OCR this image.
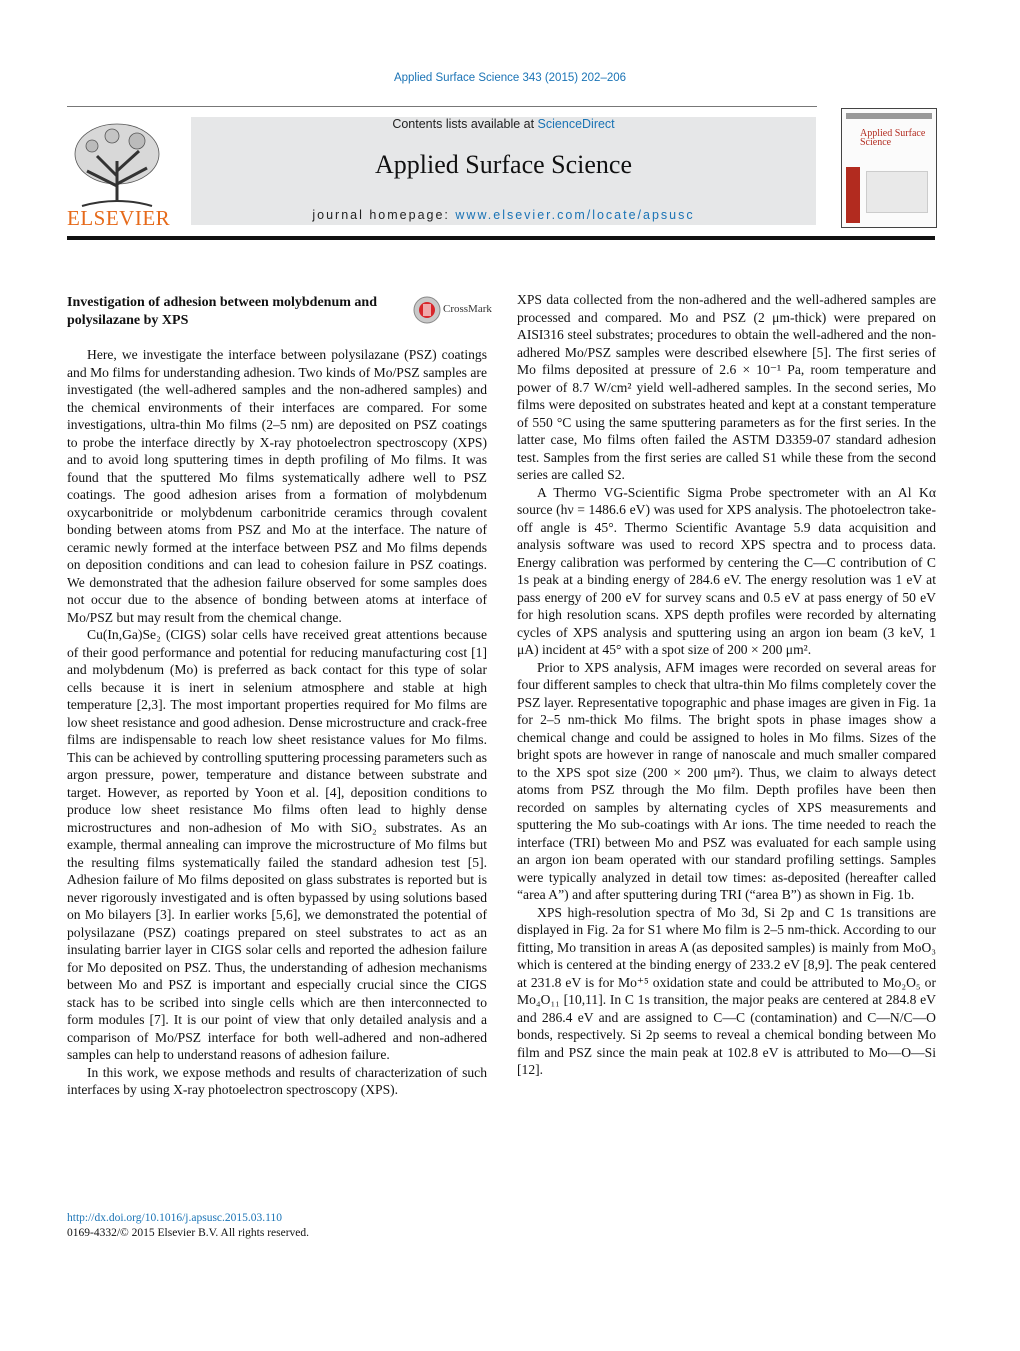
Applied Surface Science 343 (2015) 202–206
ELSEVIER
Contents lists available at ScienceDirect
Applied Surface Science
journal homepage: www.elsevier.com/locate/apsusc
Applied Surface Science
Investigation of adhesion between molybdenum and polysilazane by XPS
CrossMark

Here, we investigate the interface between polysilazane (PSZ) coatings and Mo films for understanding adhesion. Two kinds of Mo/PSZ samples are investigated (the well-adhered samples and the non-adhered samples) and the chemical environments of their interfaces are compared. For some investigations, ultra-thin Mo films (2–5 nm) are deposited on PSZ coatings to probe the interface directly by X-ray photoelectron spectroscopy (XPS) and to avoid long sputtering times in depth profiling of Mo films. It was found that the sputtered Mo films systematically adhere well to PSZ coatings. The good adhesion arises from a formation of molybdenum oxycarbonitride or molybdenum carbonitride ceramics through covalent bonding between atoms from PSZ and Mo at the interface. The nature of ceramic newly formed at the interface between PSZ and Mo films depends on deposition conditions and can lead to cohesion failure in PSZ coatings. We demonstrated that the adhesion failure observed for some samples does not occur due to the absence of bonding between atoms at interface of Mo/PSZ but may result from the chemical change.

Cu(In,Ga)Se₂ (CIGS) solar cells have received great attentions because of their good performance and potential for reducing manufacturing cost [1] and molybdenum (Mo) is preferred as back contact for this type of solar cells because it is inert in selenium atmosphere and stable at high temperature [2,3]. The most important properties required for Mo films are low sheet resistance and good adhesion. Dense microstructure and crack-free films are indispensable to reach low sheet resistance values for Mo films. This can be achieved by controlling sputtering processing parameters such as argon pressure, power, temperature and distance between substrate and target. However, as reported by Yoon et al. [4], deposition conditions to produce low sheet resistance Mo films often lead to highly dense microstructures and non-adhesion of Mo with SiO₂ substrates. As an example, thermal annealing can improve the microstructure of Mo films but the resulting films systematically failed the standard adhesion test [5]. Adhesion failure of Mo films deposited on glass substrates is reported but is never rigorously investigated and is often bypassed by using solutions based on Mo bilayers [3]. In earlier works [5,6], we demonstrated the potential of polysilazane (PSZ) coatings prepared on steel substrates to act as an insulating barrier layer in CIGS solar cells and reported the adhesion failure for Mo deposited on PSZ. Thus, the understanding of adhesion mechanisms between Mo and PSZ is important and especially crucial since the CIGS stack has to be scribed into single cells which are then interconnected to form modules [7]. It is our point of view that only detailed analysis and a comparison of Mo/PSZ interface for both well-adhered and non-adhered samples can help to understand reasons of adhesion failure.

In this work, we expose methods and results of characterization of such interfaces by using X-ray photoelectron spectroscopy (XPS).

XPS data collected from the non-adhered and the well-adhered samples are processed and compared. Mo and PSZ (2 μm-thick) were prepared on AISI316 steel substrates; procedures to obtain the well-adhered and the non-adhered Mo/PSZ samples were described elsewhere [5]. The first series of Mo films deposited at pressure of 2.6 × 10⁻¹ Pa, room temperature and power of 8.7 W/cm² yield well-adhered samples. In the second series, Mo films were deposited on substrates heated and kept at a constant temperature of 550 °C using the same sputtering parameters as for the first series. In the latter case, Mo films often failed the ASTM D3359-07 standard adhesion test. Samples from the first series are called S1 while these from the second series are called S2.

A Thermo VG-Scientific Sigma Probe spectrometer with an Al Kα source (hν = 1486.6 eV) was used for XPS analysis. The photoelectron take-off angle is 45°. Thermo Scientific Avantage 5.9 data acquisition and analysis software was used to record XPS spectra and to process data. Energy calibration was performed by centering the C—C contribution of C 1s peak at a binding energy of 284.6 eV. The energy resolution was 1 eV at pass energy of 200 eV for survey scans and 0.5 eV at pass energy of 50 eV for high resolution scans. XPS depth profiles were recorded by alternating cycles of XPS analysis and sputtering using an argon ion beam (3 keV, 1 μA) incident at 45° with a spot size of 200 × 200 μm².

Prior to XPS analysis, AFM images were recorded on several areas for four different samples to check that ultra-thin Mo films completely cover the PSZ layer. Representative topographic and phase images are given in Fig. 1a for 2–5 nm-thick Mo films. The bright spots in phase images show a chemical change and could be assigned to holes in Mo films. Sizes of the bright spots are however in range of nanoscale and much smaller compared to the XPS spot size (200 × 200 μm²). Thus, we claim to always detect atoms from PSZ through the Mo film. Depth profiles have been then recorded on samples by alternating cycles of XPS measurements and sputtering the Mo sub-coatings with Ar ions. The time needed to reach the interface (TRI) between Mo and PSZ was evaluated for each sample using an argon ion beam operated with our standard profiling settings. Samples were typically analyzed in detail tow times: as-deposited (hereafter called “area A”) and after sputtering during TRI (“area B”) as shown in Fig. 1b.

XPS high-resolution spectra of Mo 3d, Si 2p and C 1s transitions are displayed in Fig. 2a for S1 where Mo film is 2–5 nm-thick. According to our fitting, Mo transition in areas A (as deposited samples) is mainly from MoO₃ which is centered at the binding energy of 233.2 eV [8,9]. The peak centered at 231.8 eV is for Mo⁺⁵ oxidation state and could be attributed to Mo₂O₅ or Mo₄O₁₁ [10,11]. In C 1s transition, the major peaks are centered at 284.8 eV and 286.4 eV and are assigned to C—C (contamination) and C—N/C—O bonds, respectively. Si 2p seems to reveal a chemical bonding between Mo film and PSZ since the main peak at 102.8 eV is attributed to Mo—O—Si [12].

http://dx.doi.org/10.1016/j.apsusc.2015.03.110
0169-4332/© 2015 Elsevier B.V. All rights reserved.
